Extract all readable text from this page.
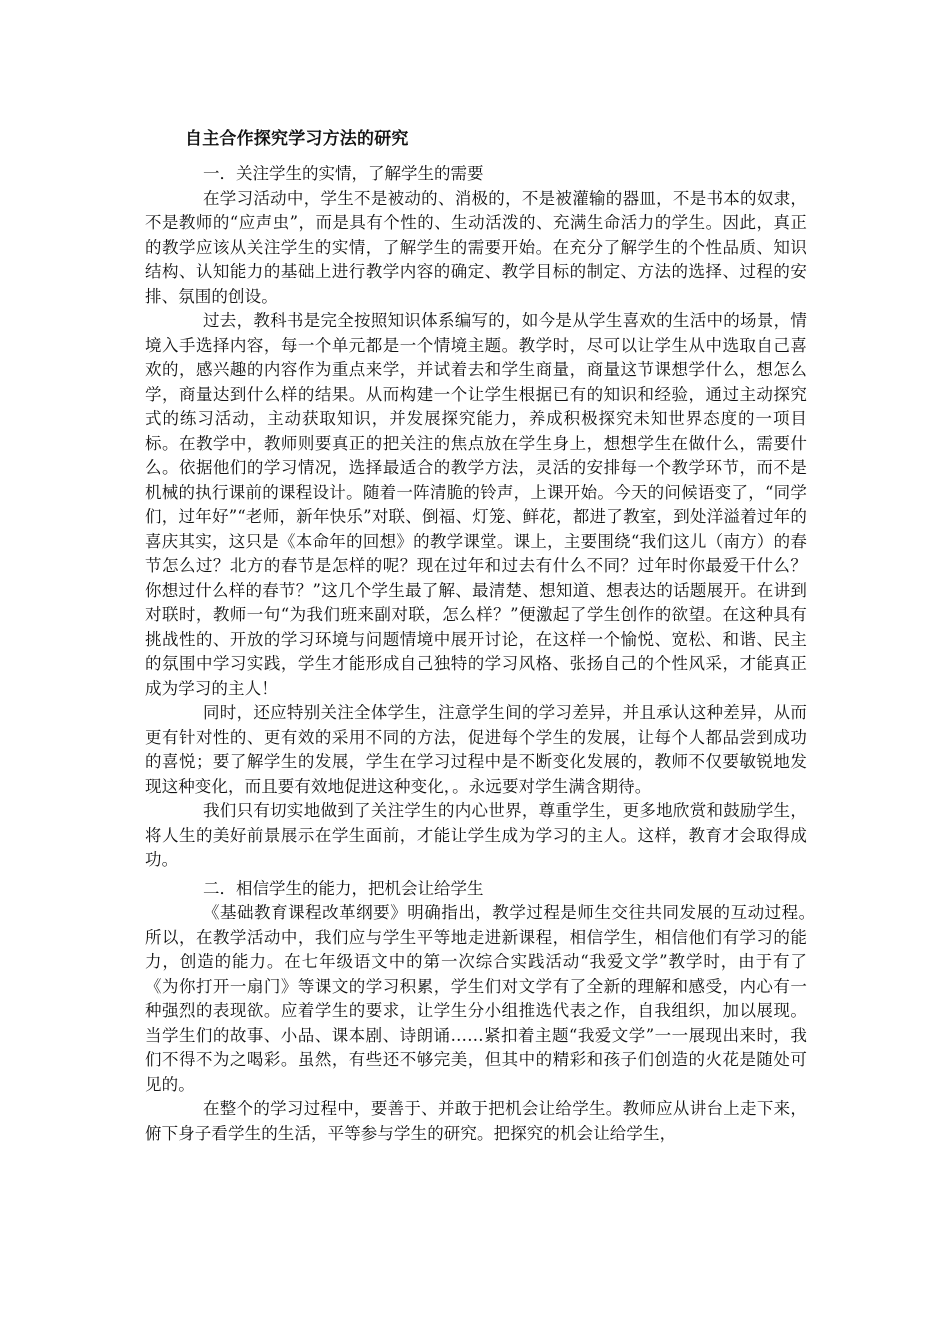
自主合作探究学习方法的研究

一．关注学生的实情，了解学生的需要

在学习活动中，学生不是被动的、消极的，不是被灌输的器皿，不是书本的奴隶，不是教师的“应声虫”，而是具有个性的、生动活泼的、充满生命活力的学生。因此，真正的教学应该从关注学生的实情，了解学生的需要开始。在充分了解学生的个性品质、知识结构、认知能力的基础上进行教学内容的确定、教学目标的制定、方法的选择、过程的安排、氛围的创设。

过去，教科书是完全按照知识体系编写的，如今是从学生喜欢的生活中的场景，情境入手选择内容，每一个单元都是一个情境主题。教学时，尽可以让学生从中选取自己喜欢的，感兴趣的内容作为重点来学，并试着去和学生商量，商量这节课想学什么，想怎么学，商量达到什么样的结果。从而构建一个让学生根据已有的知识和经验，通过主动探究式的练习活动，主动获取知识，并发展探究能力，养成积极探究未知世界态度的一项目标。在教学中，教师则要真正的把关注的焦点放在学生身上，想想学生在做什么，需要什么。依据他们的学习情况，选择最适合的教学方法，灵活的安排每一个教学环节，而不是机械的执行课前的课程设计。随着一阵清脆的铃声，上课开始。今天的问候语变了，“同学们，过年好”“老师，新年快乐”对联、倒福、灯笼、鲜花，都进了教室，到处洋溢着过年的喜庆其实，这只是《本命年的回想》的教学课堂。课上，主要围绕“我们这儿（南方）的春节怎么过？北方的春节是怎样的呢？现在过年和过去有什么不同？过年时你最爱干什么？你想过什么样的春节？”这几个学生最了解、最清楚、想知道、想表达的话题展开。在讲到对联时，教师一句“为我们班来副对联，怎么样？”便激起了学生创作的欲望。在这种具有挑战性的、开放的学习环境与问题情境中展开讨论，在这样一个愉悦、宽松、和谐、民主的氛围中学习实践，学生才能形成自己独特的学习风格、张扬自己的个性风采，才能真正成为学习的主人！

同时，还应特别关注全体学生，注意学生间的学习差异，并且承认这种差异，从而更有针对性的、更有效的采用不同的方法，促进每个学生的发展，让每个人都品尝到成功的喜悦；要了解学生的发展，学生在学习过程中是不断变化发展的，教师不仅要敏锐地发现这种变化，而且要有效地促进这种变化，。永远要对学生满含期待。

我们只有切实地做到了关注学生的内心世界，尊重学生，更多地欣赏和鼓励学生，将人生的美好前景展示在学生面前，才能让学生成为学习的主人。这样，教育才会取得成功。

二．相信学生的能力，把机会让给学生

《基础教育课程改革纲要》明确指出，教学过程是师生交往共同发展的互动过程。　　　所以，在教学活动中，我们应与学生平等地走进新课程，相信学生，相信他们有学习的能力，创造的能力。在七年级语文中的第一次综合实践活动“我爱文学”教学时，由于有了《为你打开一扇门》等课文的学习积累，学生们对文学有了全新的理解和感受，内心有一种强烈的表现欲。应着学生的要求，让学生分小组推选代表之作，自我组织，加以展现。当学生们的故事、小品、课本剧、诗朗诵……紧扣着主题“我爱文学”一一展现出来时，我们不得不为之喝彩。虽然，有些还不够完美，但其中的精彩和孩子们创造的火花是随处可见的。

在整个的学习过程中，要善于、并敢于把机会让给学生。教师应从讲台上走下来，俯下身子看学生的生活，平等参与学生的研究。把探究的机会让给学生，
